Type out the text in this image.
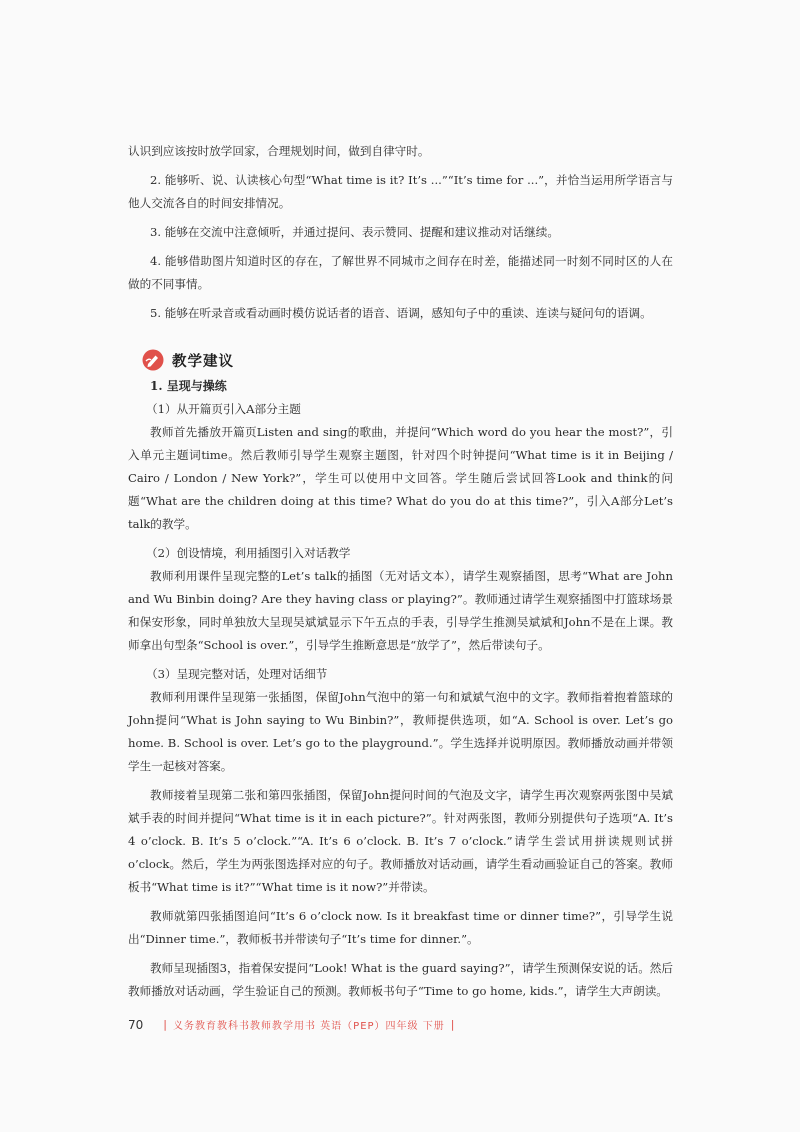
认识到应该按时放学回家，合理规划时间，做到自律守时。

2. 能够听、说、认读核心句型“What time is it? It’s ...”“It’s time for ...”，并恰当运用所学语言与他人交流各自的时间安排情况。

3. 能够在交流中注意倾听，并通过提问、表示赞同、提醒和建议推动对话继续。

4. 能够借助图片知道时区的存在，了解世界不同城市之间存在时差，能描述同一时刻不同时区的人在做的不同事情。

5. 能够在听录音或看动画时模仿说话者的语音、语调，感知句子中的重读、连读与疑问句的语调。

教学建议

1. 呈现与操练

（1）从开篇页引入A部分主题

教师首先播放开篇页Listen and sing的歌曲，并提问“Which word do you hear the most?”，引入单元主题词time。然后教师引导学生观察主题图，针对四个时钟提问“What time is it in Beijing / Cairo / London / New York?”，学生可以使用中文回答。学生随后尝试回答Look and think的问题“What are the children doing at this time? What do you do at this time?”，引入A部分Let’s talk的教学。

（2）创设情境，利用插图引入对话教学

教师利用课件呈现完整的Let’s talk的插图（无对话文本），请学生观察插图，思考“What are John and Wu Binbin doing? Are they having class or playing?”。教师通过请学生观察插图中打篮球场景和保安形象，同时单独放大呈现吴斌斌显示下午五点的手表，引导学生推测吴斌斌和John不是在上课。教师拿出句型条“School is over.”，引导学生推断意思是“放学了”，然后带读句子。

（3）呈现完整对话，处理对话细节

教师利用课件呈现第一张插图，保留John气泡中的第一句和斌斌气泡中的文字。教师指着抱着篮球的John提问“What is John saying to Wu Binbin?”，教师提供选项，如“A. School is over. Let’s go home. B. School is over. Let’s go to the playground.”。学生选择并说明原因。教师播放动画并带领学生一起核对答案。

教师接着呈现第二张和第四张插图，保留John提问时间的气泡及文字，请学生再次观察两张图中吴斌斌手表的时间并提问“What time is it in each picture?”。针对两张图，教师分别提供句子选项“A. It’s 4 o’clock. B. It’s 5 o’clock.”“A. It’s 6 o’clock. B. It’s 7 o’clock.”请学生尝试用拼读规则试拼o’clock。然后，学生为两张图选择对应的句子。教师播放对话动画，请学生看动画验证自己的答案。教师板书“What time is it?”“What time is it now?”并带读。

教师就第四张插图追问“It’s 6 o’clock now. Is it breakfast time or dinner time?”，引导学生说出“Dinner time.”，教师板书并带读句子“It’s time for dinner.”。

教师呈现插图3，指着保安提问“Look! What is the guard saying?”，请学生预测保安说的话。然后教师播放对话动画，学生验证自己的预测。教师板书句子“Time to go home, kids.”，请学生大声朗读。

70 | 义务教育教科书教师教学用书 英语（PEP）四年级 下册 |
